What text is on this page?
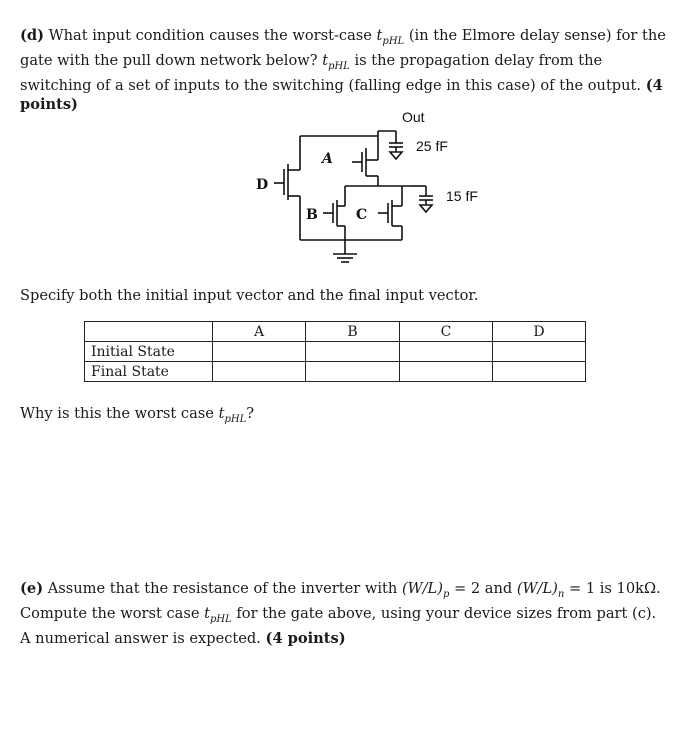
(d) What input condition causes the worst-case $t_{pHL}$ (in the Elmore delay sense) for the gate with the pull down network below? $t_{pHL}$ is the propagation delay from the switching of a set of inputs to the switching (falling edge in this case) of the output. (4 points)
Out
25 fF
A
15 fF
B	C
D
Specify both the initial input vector and the final input vector.
	A	B	C	D
Initial State				
Final State				
Why is this the worst case $t_{pHL}$?
(e) Assume that the resistance of the inverter with $(W/L)_p = 2$ and $(W/L)_n = 1$ is 10kΩ. Compute the worst case $t_{pHL}$ for the gate above, using your device sizes from part (c). A numerical answer is expected. (4 points)
